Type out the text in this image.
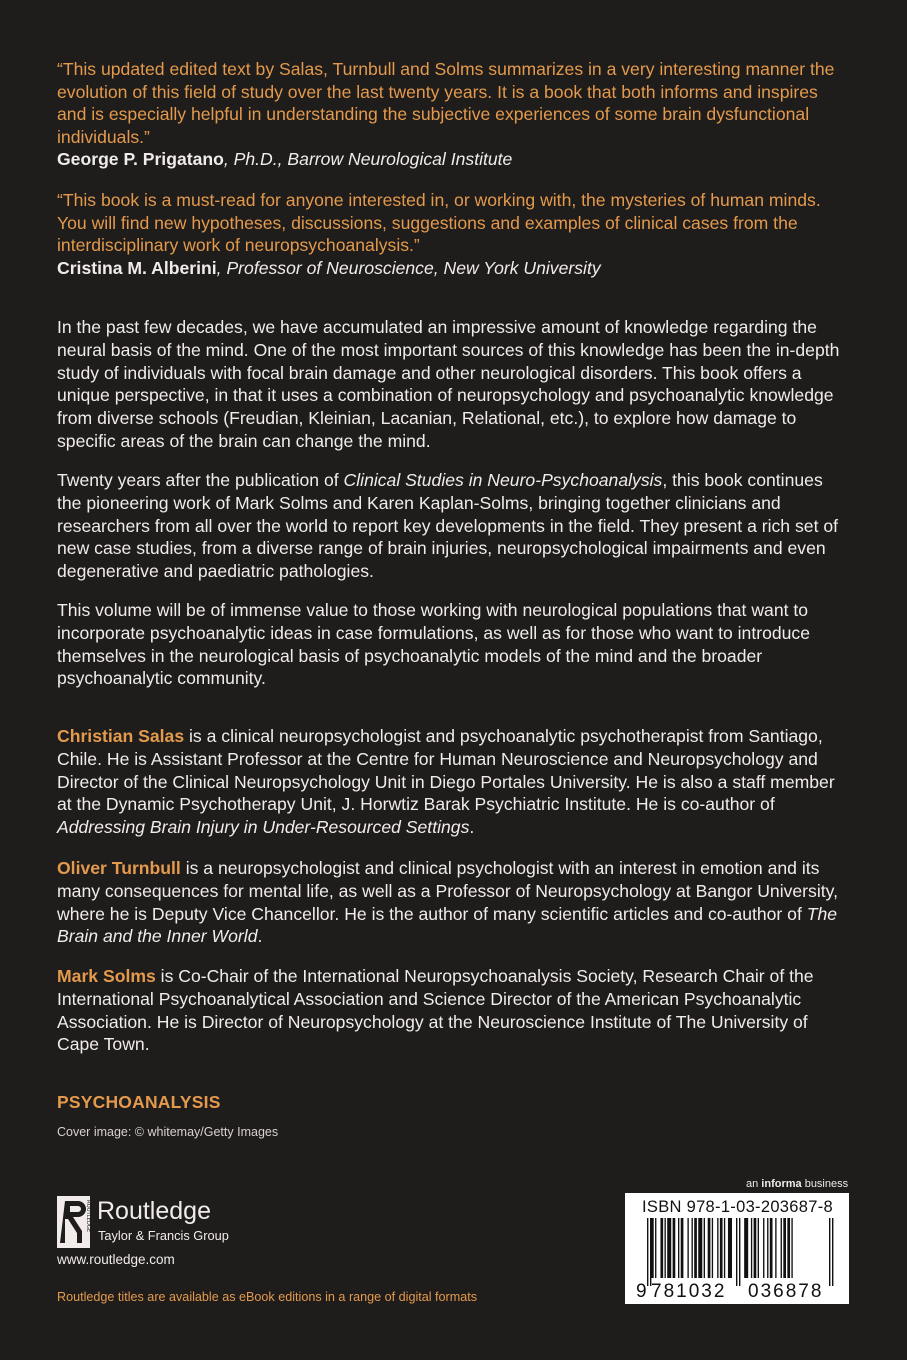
“This updated edited text by Salas, Turnbull and Solms summarizes in a very interesting manner the evolution of this field of study over the last twenty years. It is a book that both informs and inspires and is especially helpful in understanding the subjective experiences of some brain dysfunctional individuals.”

George P. Prigatano, Ph.D., Barrow Neurological Institute

“This book is a must-read for anyone interested in, or working with, the mysteries of human minds. You will find new hypotheses, discussions, suggestions and examples of clinical cases from the interdisciplinary work of neuropsychoanalysis.”

Cristina M. Alberini, Professor of Neuroscience, New York University

In the past few decades, we have accumulated an impressive amount of knowledge regarding the neural basis of the mind. One of the most important sources of this knowledge has been the in-depth study of individuals with focal brain damage and other neurological disorders. This book offers a unique perspective, in that it uses a combination of neuropsychology and psychoanalytic knowledge from diverse schools (Freudian, Kleinian, Lacanian, Relational, etc.), to explore how damage to specific areas of the brain can change the mind.

Twenty years after the publication of Clinical Studies in Neuro-Psychoanalysis, this book continues the pioneering work of Mark Solms and Karen Kaplan-Solms, bringing together clinicians and researchers from all over the world to report key developments in the field. They present a rich set of new case studies, from a diverse range of brain injuries, neuropsychological impairments and even degenerative and paediatric pathologies.

This volume will be of immense value to those working with neurological populations that want to incorporate psychoanalytic ideas in case formulations, as well as for those who want to introduce themselves in the neurological basis of psychoanalytic models of the mind and the broader psychoanalytic community.

Christian Salas is a clinical neuropsychologist and psychoanalytic psychotherapist from Santiago, Chile. He is Assistant Professor at the Centre for Human Neuroscience and Neuropsychology and Director of the Clinical Neuropsychology Unit in Diego Portales University. He is also a staff member at the Dynamic Psychotherapy Unit, J. Horwtiz Barak Psychiatric Institute. He is co-author of Addressing Brain Injury in Under-Resourced Settings.

Oliver Turnbull is a neuropsychologist and clinical psychologist with an interest in emotion and its many consequences for mental life, as well as a Professor of Neuropsychology at Bangor University, where he is Deputy Vice Chancellor. He is the author of many scientific articles and co-author of The Brain and the Inner World.

Mark Solms is Co-Chair of the International Neuropsychoanalysis Society, Research Chair of the International Psychoanalytical Association and Science Director of the American Psychoanalytic Association. He is Director of Neuropsychology at the Neuroscience Institute of The University of Cape Town.

PSYCHOANALYSIS
Cover image: © whitemay/Getty Images
ROUTLEDGE Routledge
Taylor & Francis Group
www.routledge.com
Routledge titles are available as eBook editions in a range of digital formats
an informa business
ISBN 978-1-03-203687-8
9 781032 036878
